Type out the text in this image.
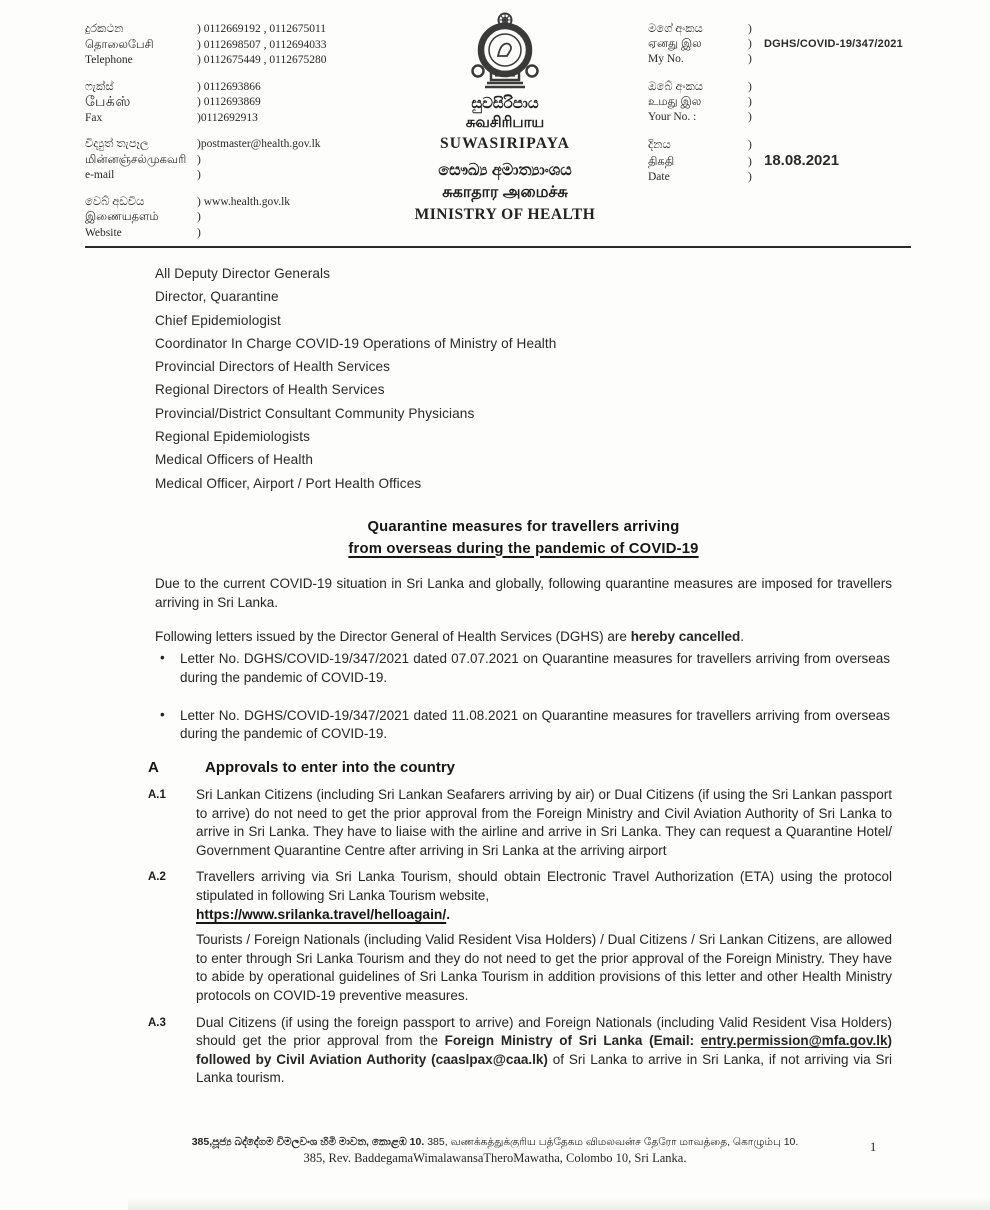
දුරකථන	) 0112669192 , 0112675011
தொலைபேசி	) 0112698507 , 0112694033
Telephone	) 0112675449 , 0112675280
ෆැක්ස්	) 0112693866
பேக்ஸ்	) 0112693869
Fax	)0112692913
විද්‍යුත් තැපෑල	)postmaster@health.gov.lk
மின்னஞ்சல்முகவரி )
e-mail	)
වෙබ් අඩවිය	) www.health.gov.lk
இணையதளம்	)
Website	)
සුවසිරිපාය
சுவசிரிபாய
SUWASIRIPAYA
සෞඛ්‍ය අමාත්‍යාංශය
சுகாதார அமைச்சு
MINISTRY OF HEALTH
මගේ අංකය	)
ஏனது இல	)	DGHS/COVID-19/347/2021
My No.	)
ඔබේ අංකය	)
உமது இல	)
Your No. :	)
දිනය	)
திகதி	) 18.08.2021
Date	)
All Deputy Director Generals
Director, Quarantine
Chief Epidemiologist
Coordinator In Charge COVID-19 Operations of Ministry of Health
Provincial Directors of Health Services
Regional Directors of Health Services
Provincial/District Consultant Community Physicians
Regional Epidemiologists
Medical Officers of Health
Medical Officer, Airport / Port Health Offices
Quarantine measures for travellers arriving
from overseas during the pandemic of COVID-19
Due to the current COVID-19 situation in Sri Lanka and globally, following quarantine measures are imposed for travellers arriving in Sri Lanka.
Following letters issued by the Director General of Health Services (DGHS) are hereby cancelled.
• Letter No. DGHS/COVID-19/347/2021 dated 07.07.2021 on Quarantine measures for travellers arriving from overseas during the pandemic of COVID-19.
• Letter No. DGHS/COVID-19/347/2021 dated 11.08.2021 on Quarantine measures for travellers arriving from overseas during the pandemic of COVID-19.
A	Approvals to enter into the country
A.1	Sri Lankan Citizens (including Sri Lankan Seafarers arriving by air) or Dual Citizens (if using the Sri Lankan passport to arrive) do not need to get the prior approval from the Foreign Ministry and Civil Aviation Authority of Sri Lanka to arrive in Sri Lanka. They have to liaise with the airline and arrive in Sri Lanka. They can request a Quarantine Hotel/ Government Quarantine Centre after arriving in Sri Lanka at the arriving airport
A.2	Travellers arriving via Sri Lanka Tourism, should obtain Electronic Travel Authorization (ETA) using the protocol stipulated in following Sri Lanka Tourism website,

https://www.srilanka.travel/helloagain/.

Tourists / Foreign Nationals (including Valid Resident Visa Holders) / Dual Citizens / Sri Lankan Citizens, are allowed to enter through Sri Lanka Tourism and they do not need to get the prior approval of the Foreign Ministry. They have to abide by operational guidelines of Sri Lanka Tourism in addition provisions of this letter and other Health Ministry protocols on COVID-19 preventive measures.

A.3	Dual Citizens (if using the foreign passport to arrive) and Foreign Nationals (including Valid Resident Visa Holders) should get the prior approval from the Foreign Ministry of Sri Lanka (Email: entry.permission@mfa.gov.lk) followed by Civil Aviation Authority (caaslpax@caa.lk) of Sri Lanka to arrive in Sri Lanka, if not arriving via Sri Lanka tourism.
385,පූජ්‍ය බද්දේගම විමලවංශ හිමි මාවත, කොළඹ 10. 385, வணக்கத்துக்குரிய பத்தேகம விமலவன்ச தேரோ மாவத்தை, கொழும்பு 10.
385, Rev. BaddegamaWimalawansaTheroMawatha, Colombo 10, Sri Lanka.
1
